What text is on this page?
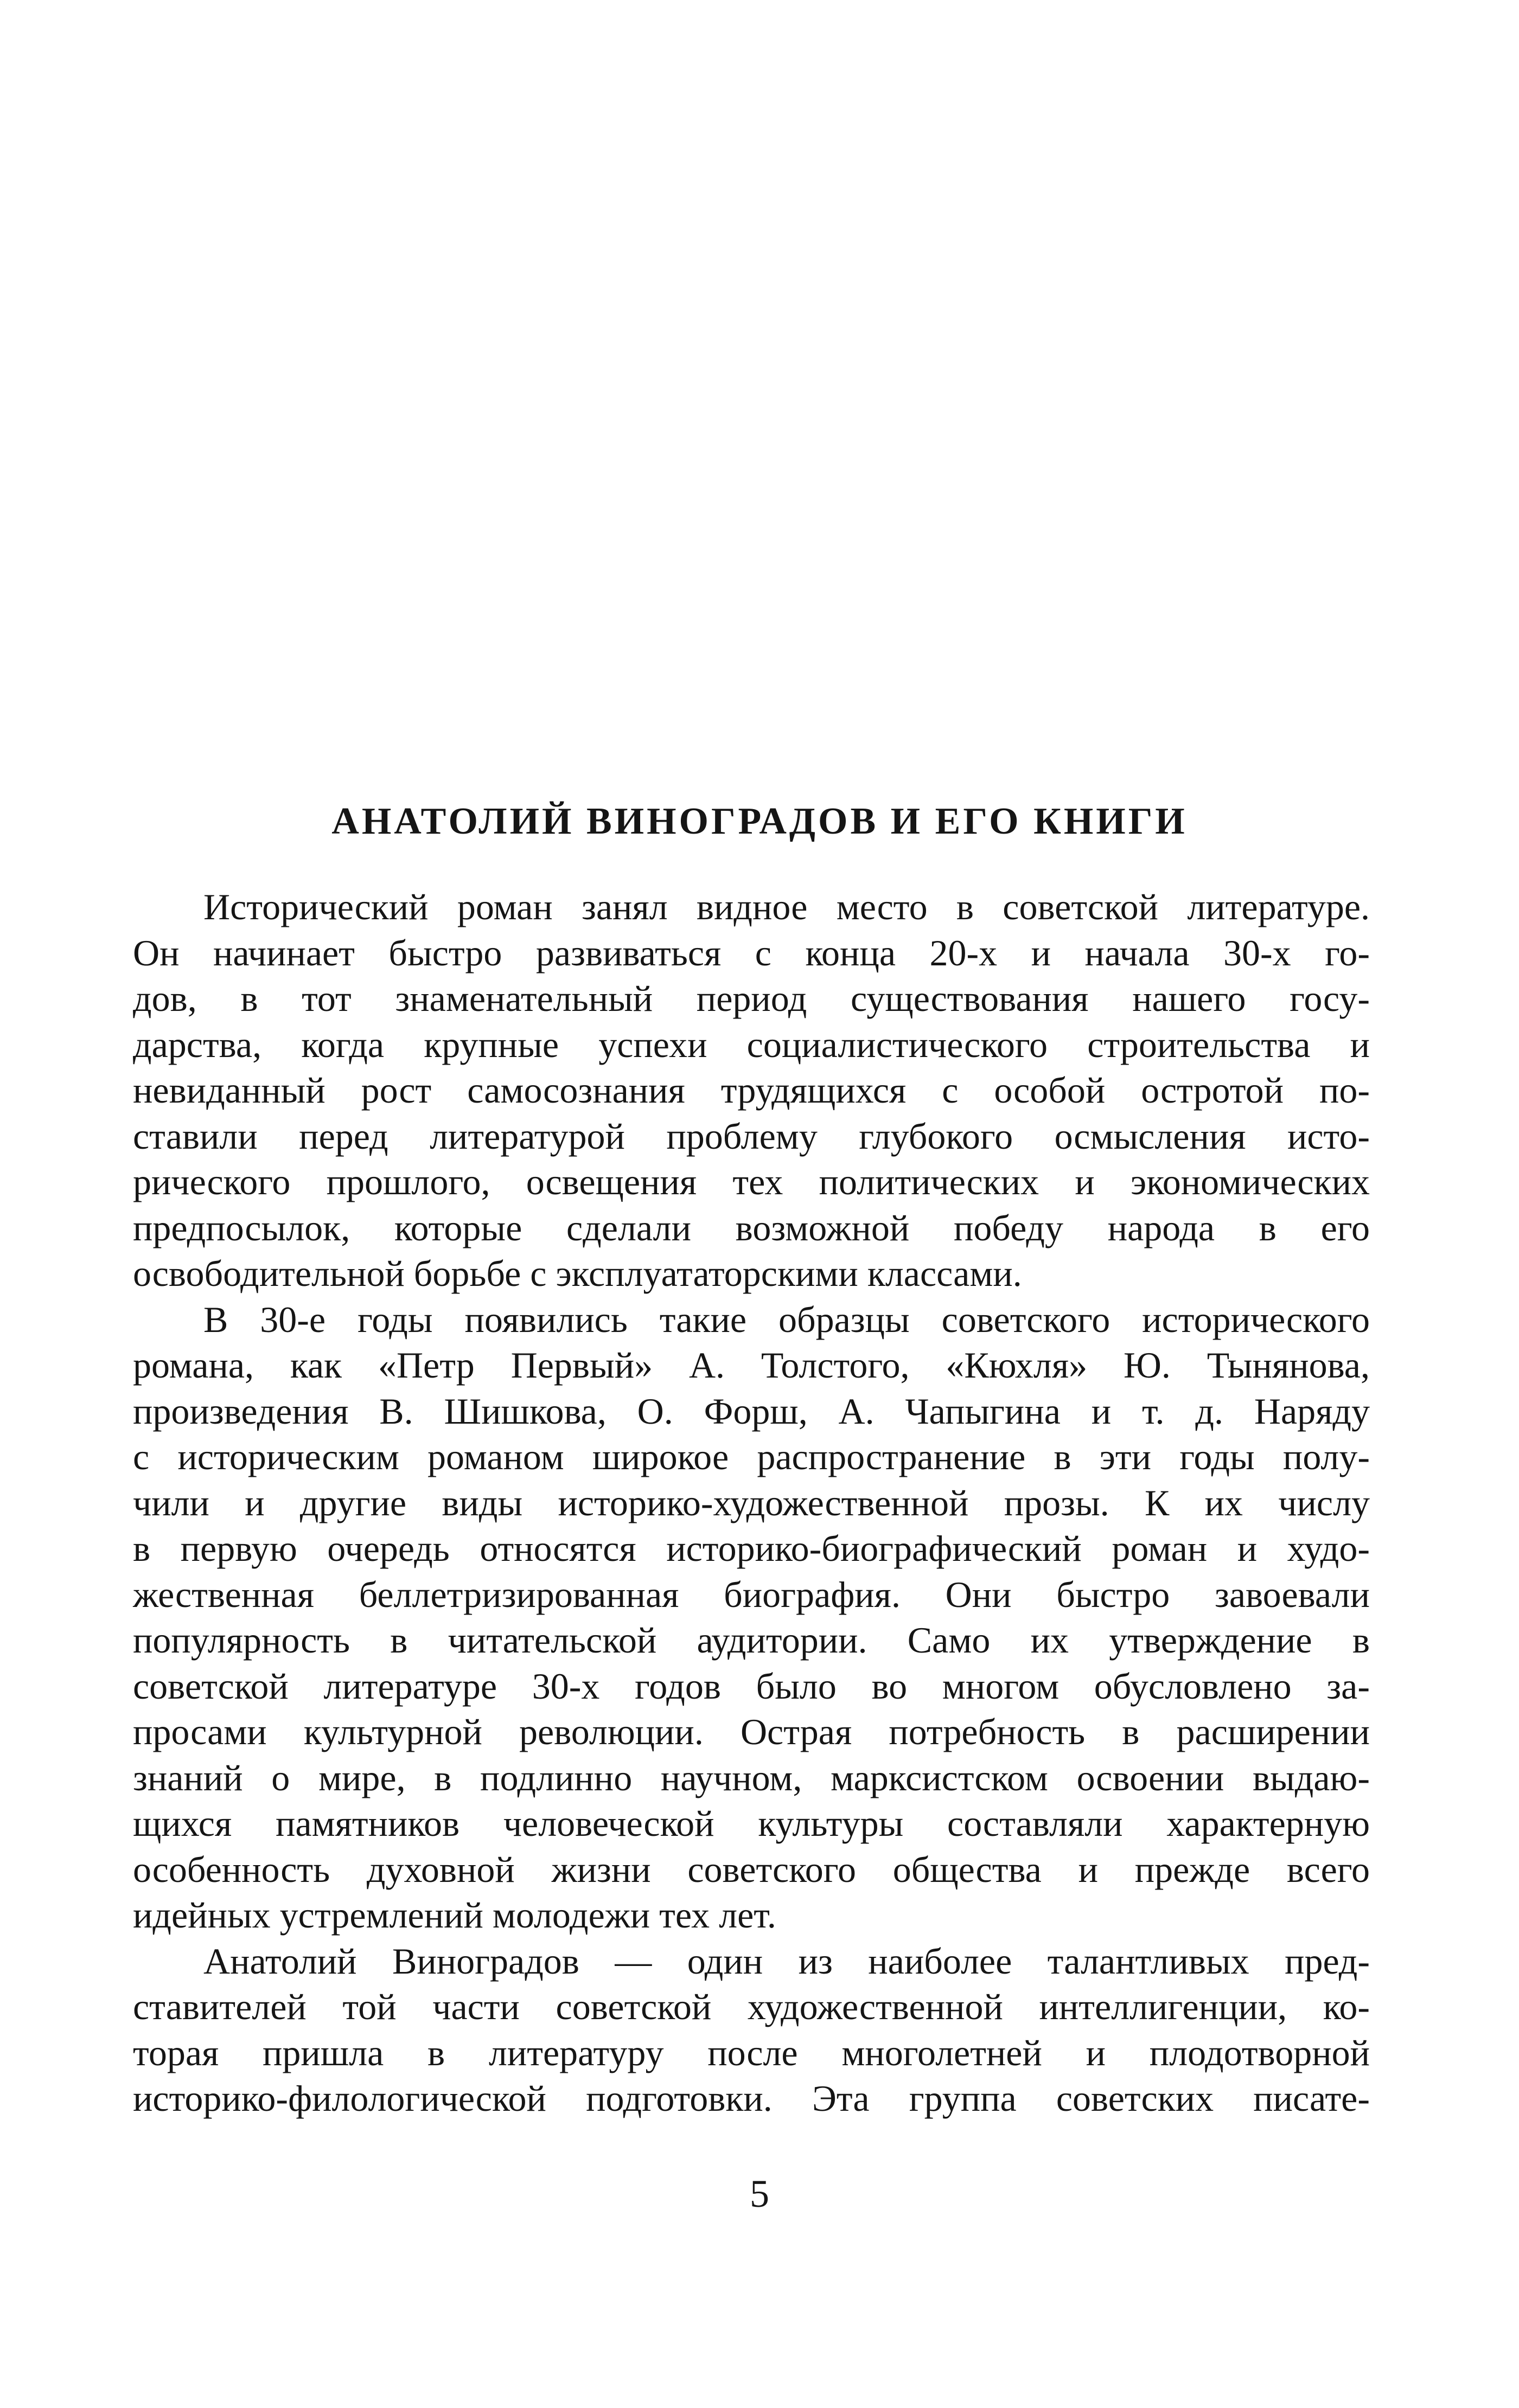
АНАТОЛИЙ ВИНОГРАДОВ И ЕГО КНИГИ
Исторический роман занял видное место в советской литературе.
Он начинает быстро развиваться с конца 20-х и начала 30-х го-
дов, в тот знаменательный период существования нашего госу-
дарства, когда крупные успехи социалистического строительства и
невиданный рост самосознания трудящихся с особой остротой по-
ставили перед литературой проблему глубокого осмысления исто-
рического прошлого, освещения тех политических и экономических
предпосылок, которые сделали возможной победу народа в его
освободительной борьбе с эксплуататорскими классами.
В 30-е годы появились такие образцы советского исторического
романа, как «Петр Первый» А. Толстого, «Кюхля» Ю. Тынянова,
произведения В. Шишкова, О. Форш, А. Чапыгина и т. д. Наряду
с историческим романом широкое распространение в эти годы полу-
чили и другие виды историко-художественной прозы. К их числу
в первую очередь относятся историко-биографический роман и худо-
жественная беллетризированная биография. Они быстро завоевали
популярность в читательской аудитории. Само их утверждение в
советской литературе 30-х годов было во многом обусловлено за-
просами культурной революции. Острая потребность в расширении
знаний о мире, в подлинно научном, марксистском освоении выдаю-
щихся памятников человеческой культуры составляли характерную
особенность духовной жизни советского общества и прежде всего
идейных устремлений молодежи тех лет.
Анатолий Виноградов — один из наиболее талантливых пред-
ставителей той части советской художественной интеллигенции, ко-
торая пришла в литературу после многолетней и плодотворной
историко-филологической подготовки. Эта группа советских писате-
5
